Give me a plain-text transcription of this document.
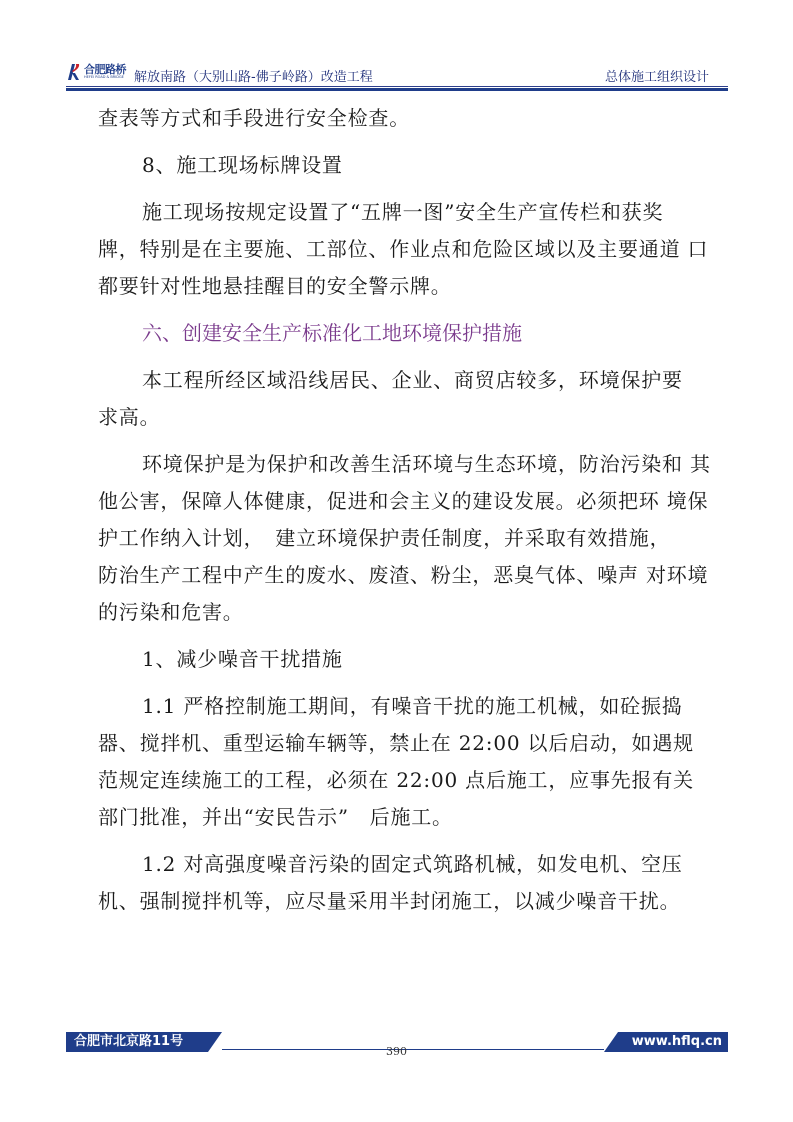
合肥路桥
HEFEI ROAD & BRIDGE 解放南路（大别山路-佛子岭路）改造工程	总体施工组织设计
查表等方式和手段进行安全检查。
8、施工现场标牌设置
施工现场按规定设置了“五牌一图”安全生产宣传栏和获奖
牌，特别是在主要施、工部位、作业点和危险区域以及主要通道 口
都要针对性地悬挂醒目的安全警示牌。
六、创建安全生产标准化工地环境保护措施
本工程所经区域沿线居民、企业、商贸店较多，环境保护要
求高。
环境保护是为保护和改善生活环境与生态环境，防治污染和 其
他公害，保障人体健康，促进和会主义的建设发展。必须把环 境保
护工作纳入计划，　建立环境保护责任制度，并采取有效措施，
防治生产工程中产生的废水、废渣、粉尘，恶臭气体、噪声 对环境
的污染和危害。
1、减少噪音干扰措施
1.1 严格控制施工期间，有噪音干扰的施工机械，如砼振捣
器、搅拌机、重型运输车辆等，禁止在 22:00 以后启动，如遇规
范规定连续施工的工程，必须在 22:00 点后施工，应事先报有关
部门批准，并出“安民告示”　后施工。
1.2 对高强度噪音污染的固定式筑路机械，如发电机、空压
机、强制搅拌机等，应尽量采用半封闭施工，以减少噪音干扰。
合肥市北京路11号	www.hflq.cn
390
